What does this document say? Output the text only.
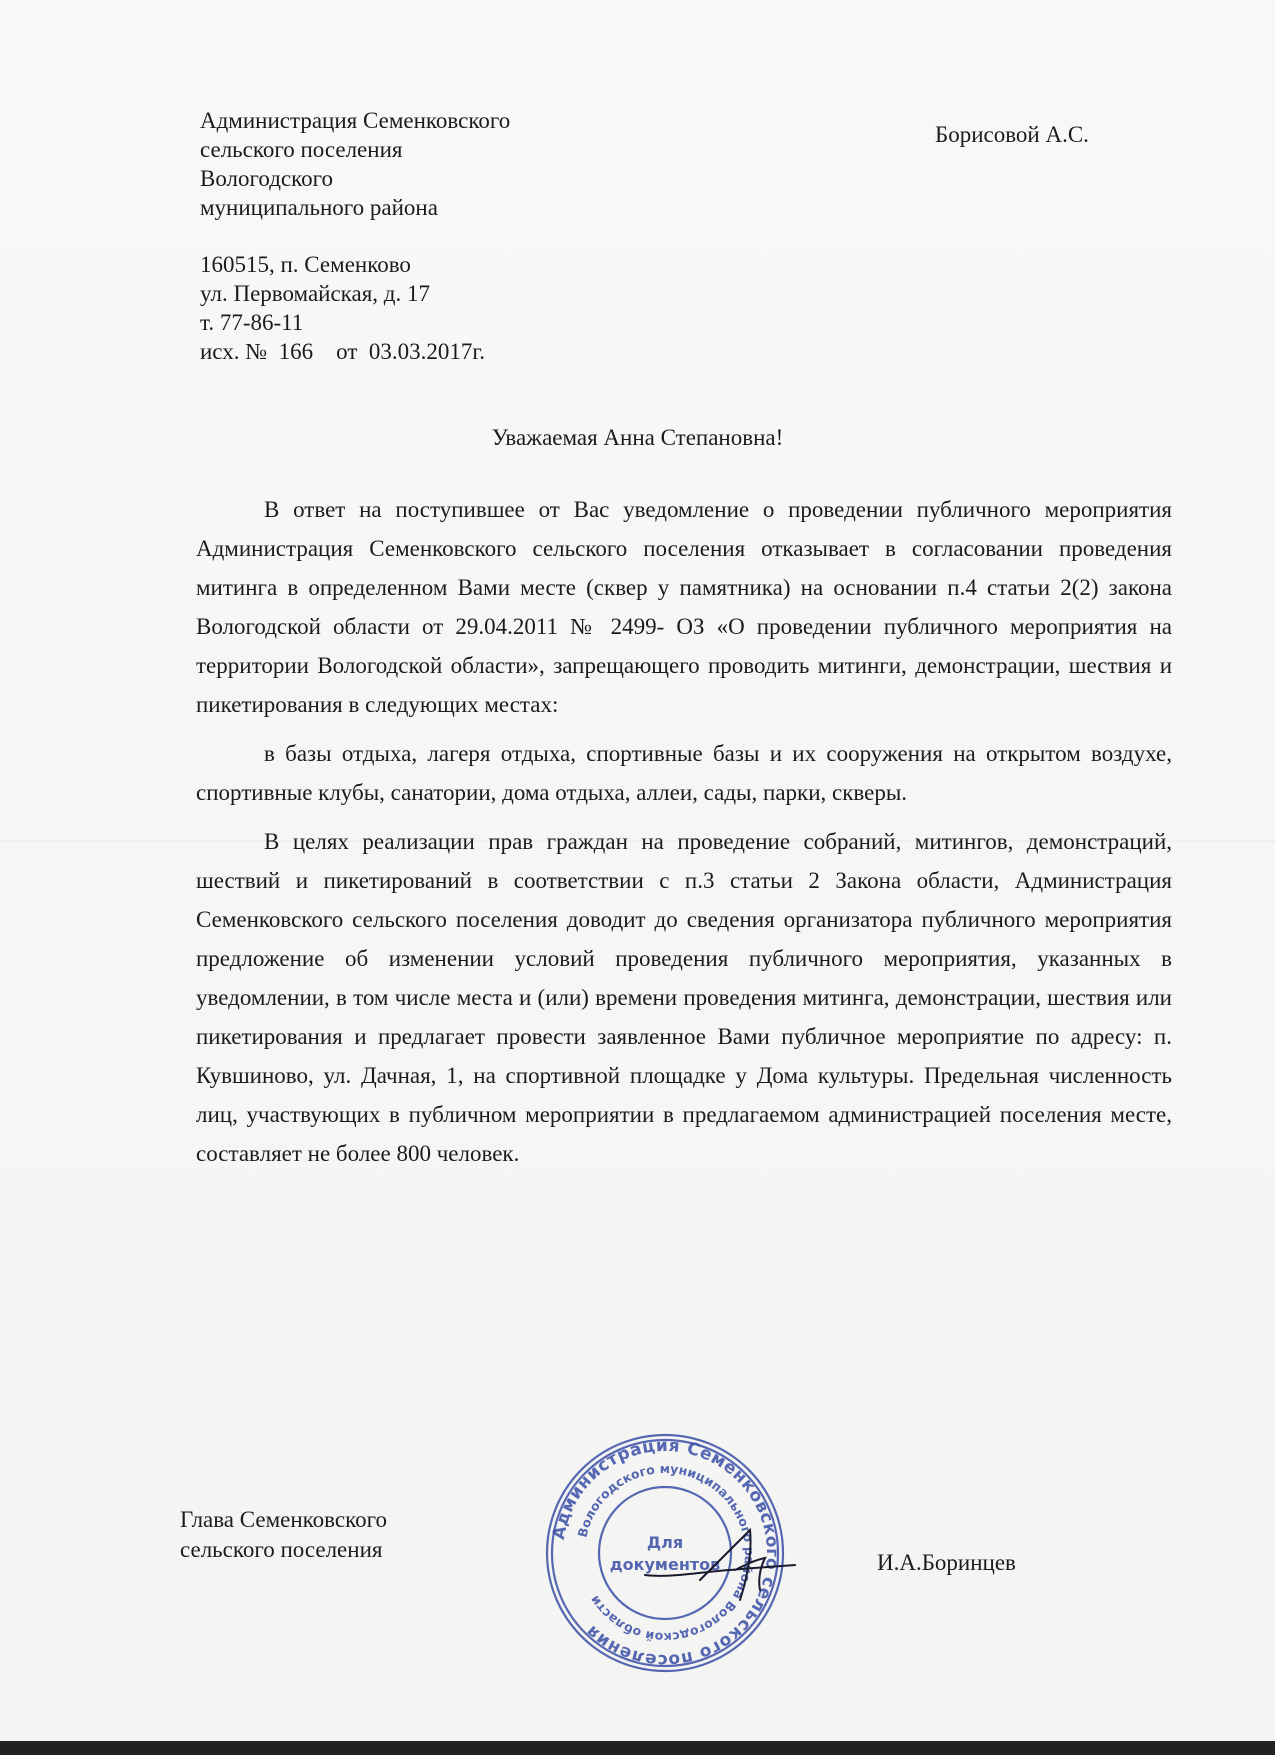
Администрация Семенковского
сельского поселения
Вологодского
муниципального района
160515, п. Семенково
ул. Первомайская, д. 17
т. 77-86-11
исх. № 166 от 03.03.2017г.
Борисовой А.С.
Уважаемая Анна Степановна!

В ответ на поступившее от Вас уведомление о проведении публичного мероприятия Администрация Семенковского сельского поселения отказывает в согласовании проведения митинга в определенном Вами месте (сквер у памятника) на основании п.4 статьи 2(2) закона Вологодской области от 29.04.2011 № 2499- ОЗ «О проведении публичного мероприятия на территории Вологодской области», запрещающего проводить митинги, демонстрации, шествия и пикетирования в следующих местах:

в базы отдыха, лагеря отдыха, спортивные базы и их сооружения на открытом воздухе, спортивные клубы, санатории, дома отдыха, аллеи, сады, парки, скверы.

В целях реализации прав граждан на проведение собраний, митингов, демонстраций, шествий и пикетирований в соответствии с п.3 статьи 2 Закона области, Администрация Семенковского сельского поселения доводит до сведения организатора публичного мероприятия предложение об изменении условий проведения публичного мероприятия, указанных в уведомлении, в том числе места и (или) времени проведения митинга, демонстрации, шествия или пикетирования и предлагает провести заявленное Вами публичное мероприятие по адресу: п. Кувшиново, ул. Дачная, 1, на спортивной площадке у Дома культуры. Предельная численность лиц, участвующих в публичном мероприятии в предлагаемом администрацией поселения месте, составляет не более 800 человек.

Глава Семенковского
сельского поселения
Администрация Семенковского сельского поселения
Вологодского муниципального района Вологодской области
Для
документов	И.А.Боринцев
